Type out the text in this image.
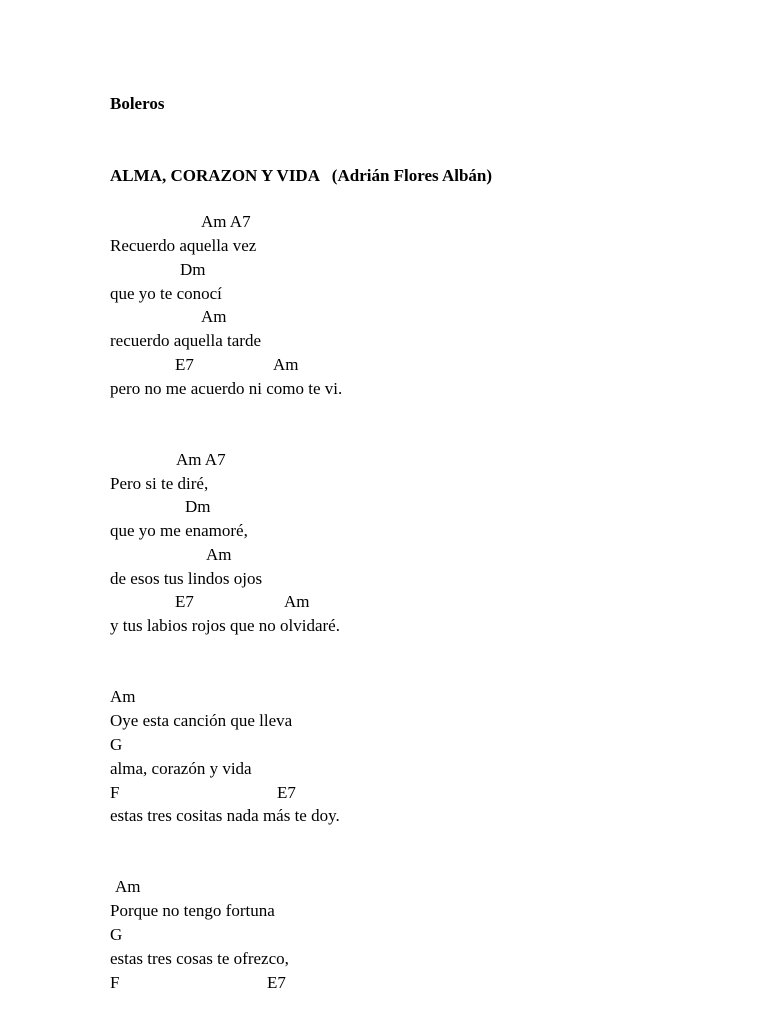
Boleros
ALMA, CORAZON Y VIDA   (Adrián Flores Albán)
Am A7
Recuerdo aquella vez
Dm
que yo te conocí
Am
recuerdo aquella tarde
E7	Am
pero no me acuerdo ni como te vi.
Am A7
Pero si te diré,
Dm
que yo me enamoré,
Am
de esos tus lindos ojos
E7	Am
y tus labios rojos que no olvidaré.
Am
Oye esta canción que lleva
G
alma, corazón y vida
F	E7
estas tres cositas nada más te doy.
Am
Porque no tengo fortuna
G
estas tres cosas te ofrezco,
F	E7
